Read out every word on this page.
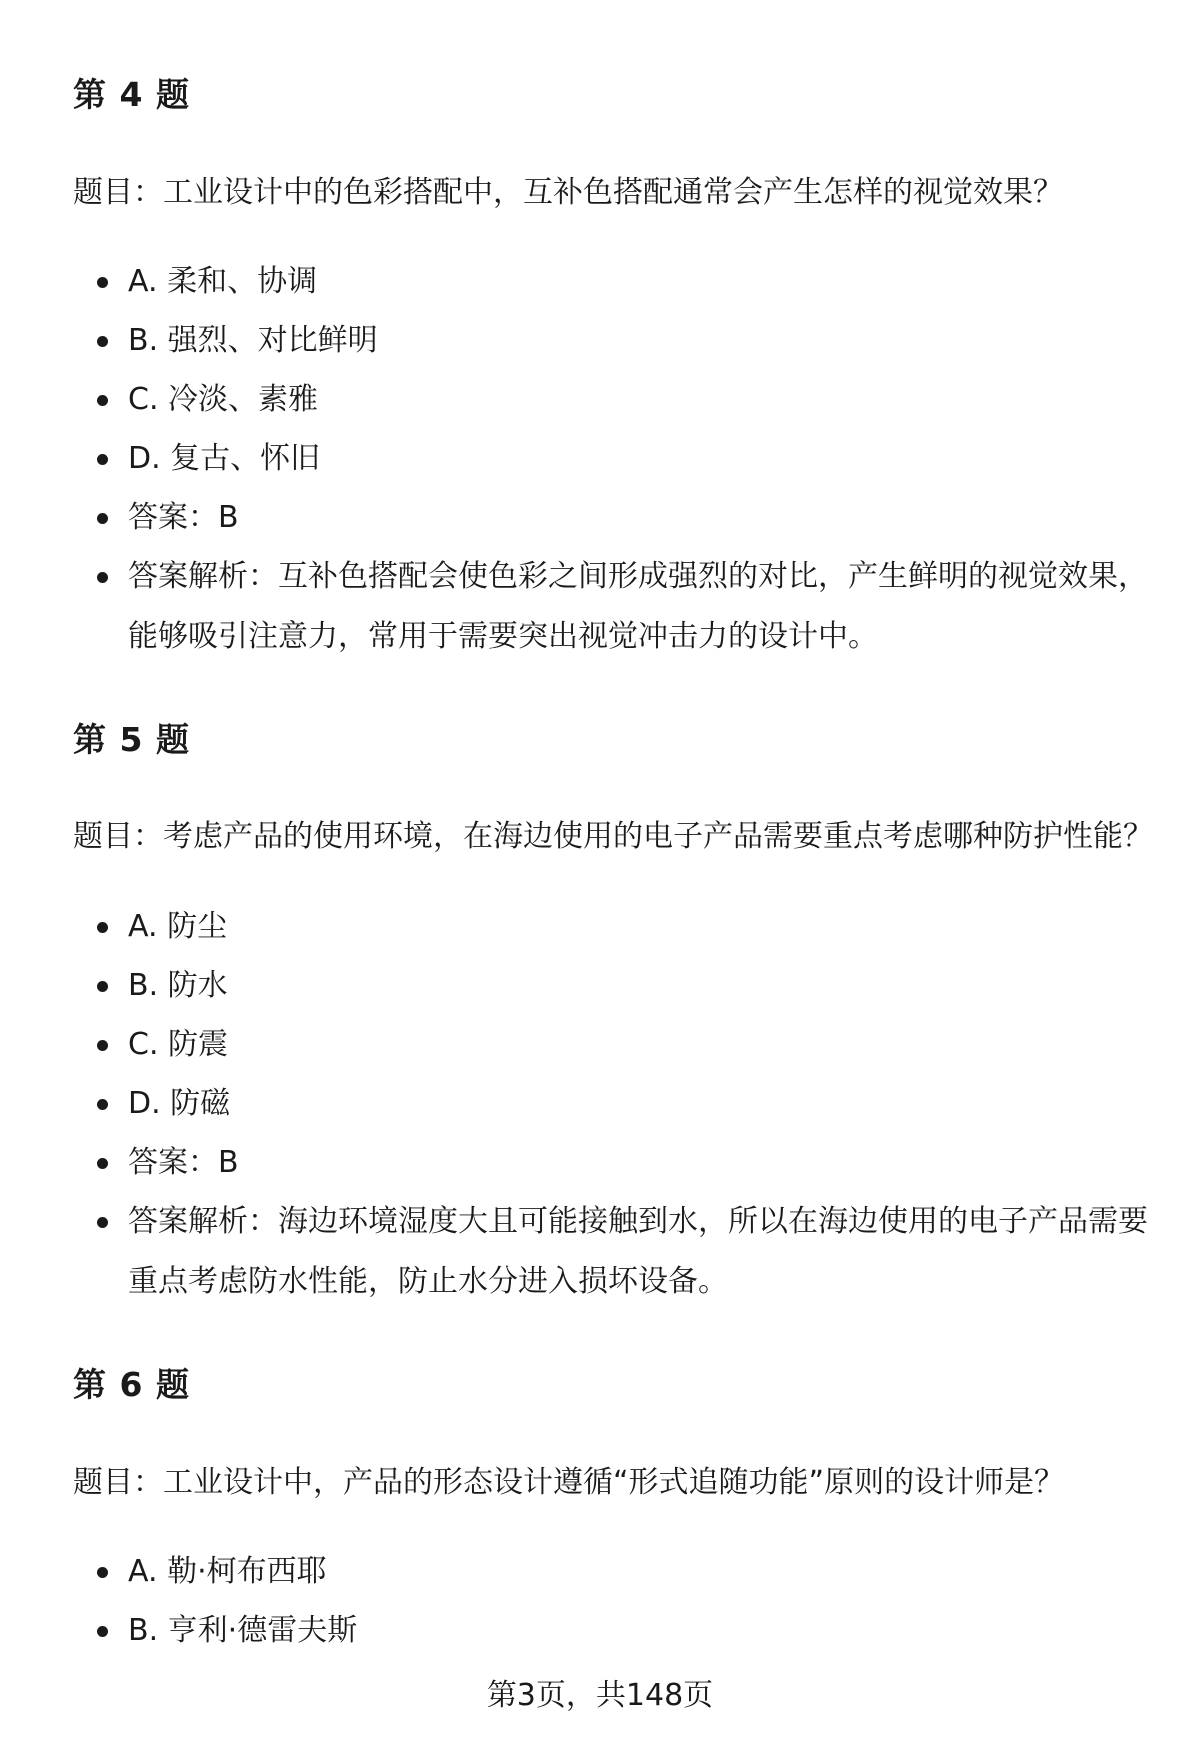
第 4 题

题目：工业设计中的色彩搭配中，互补色搭配通常会产生怎样的视觉效果？

A. 柔和、协调
B. 强烈、对比鲜明
C. 冷淡、素雅
D. 复古、怀旧
答案：B
答案解析：互补色搭配会使色彩之间形成强烈的对比，产生鲜明的视觉效果，
能够吸引注意力，常用于需要突出视觉冲击力的设计中。
第 5 题

题目：考虑产品的使用环境，在海边使用的电子产品需要重点考虑哪种防护性能？

A. 防尘
B. 防水
C. 防震
D. 防磁
答案：B
答案解析：海边环境湿度大且可能接触到水，所以在海边使用的电子产品需要
重点考虑防水性能，防止水分进入损坏设备。
第 6 题

题目：工业设计中，产品的形态设计遵循“形式追随功能”原则的设计师是？

A. 勒·柯布西耶
B. 亨利·德雷夫斯
第3页，共148页
